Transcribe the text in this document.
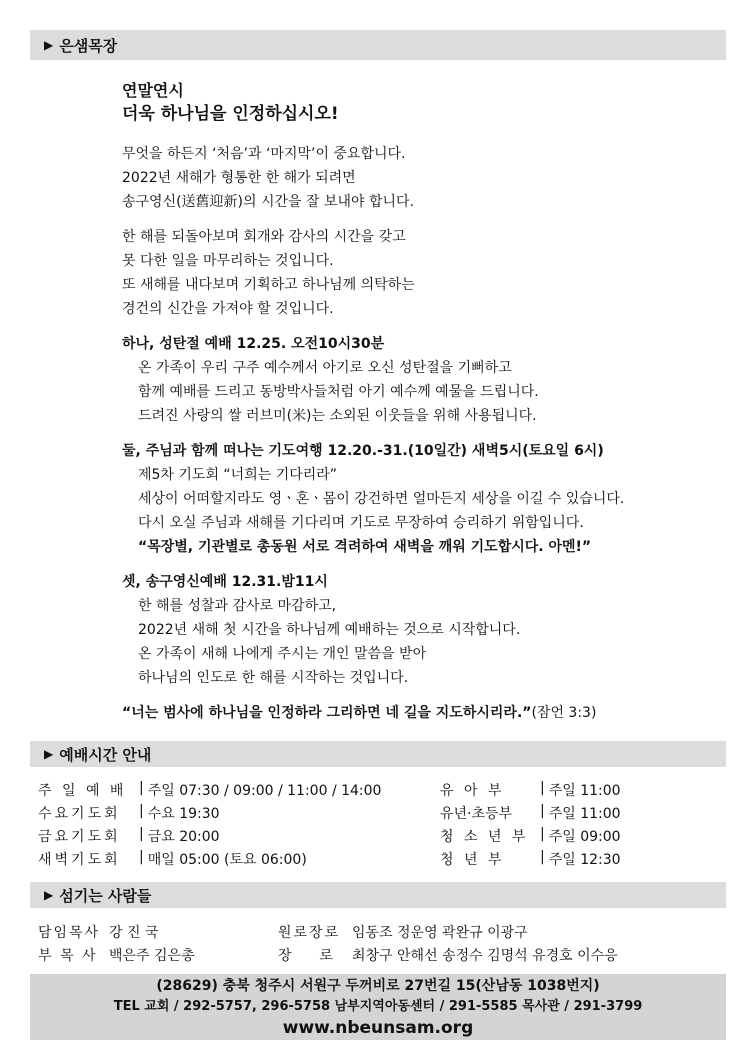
▶ 은샘목장
연말연시
더욱 하나님을 인정하십시오!
무엇을 하든지 ‘처음’과 ‘마지막’이 중요합니다.
2022년 새해가 형통한 한 해가 되려면
송구영신(送舊迎新)의 시간을 잘 보내야 합니다.
한 해를 되돌아보며 회개와 감사의 시간을 갖고
못 다한 일을 마무리하는 것입니다.
또 새해를 내다보며 기획하고 하나님께 의탁하는
경건의 신간을 가져야 할 것입니다.
하나, 성탄절 예배 12.25. 오전10시30분
온 가족이 우리 구주 예수께서 아기로 오신 성탄절을 기뻐하고
함께 예배를 드리고 동방박사들처럼 아기 예수께 예물을 드립니다.
드려진 사랑의 쌀 러브미(米)는 소외된 이웃들을 위해 사용됩니다.
둘, 주님과 함께 떠나는 기도여행 12.20.-31.(10일간) 새벽5시(토요일 6시)
제5차 기도회 “너희는 기다리라”
세상이 어떠할지라도 영ㆍ혼ㆍ몸이 강건하면 얼마든지 세상을 이길 수 있습니다.
다시 오실 주님과 새해를 기다리며 기도로 무장하여 승리하기 위함입니다.
“목장별, 기관별로 총동원 서로 격려하여 새벽을 깨워 기도합시다. 아멘!”
셋, 송구영신예배 12.31.밤11시
한 해를 성찰과 감사로 마감하고,
2022년 새해 첫 시간을 하나님께 예배하는 것으로 시작합니다.
온 가족이 새해 나에게 주시는 개인 말씀을 받아
하나님의 인도로 한 해를 시작하는 것입니다.
“너는 범사에 하나님을 인정하라 그리하면 네 길을 지도하시리라.”(잠언 3:3)
▶ 예배시간 안내
주 일 예 배 | 주일 07:30 / 09:00 / 11:00 / 14:00	유 아 부	| 주일 11:00
수요기도회	| 수요 19:30	유년·초등부	| 주일 11:00
금요기도회	| 금요 20:00	청 소 년 부 | 주일 09:00
새벽기도회	| 매일 05:00 (토요 06:00)	청 년 부	| 주일 12:30
▶ 섬기는 사람들
담임목사 강 진 국	원로장로 임동조 정운영 곽완규 이광구
부 목 사 백은주 김은총	장    로	최창구 안해선 송정수 김명석 유경호 이수응
(28629) 충북 청주시 서원구 두꺼비로 27번길 15(산남동 1038번지)
TEL 교회 / 292-5757, 296-5758 남부지역아동센터 / 291-5585 목사관 / 291-3799
www.nbeunsam.org
